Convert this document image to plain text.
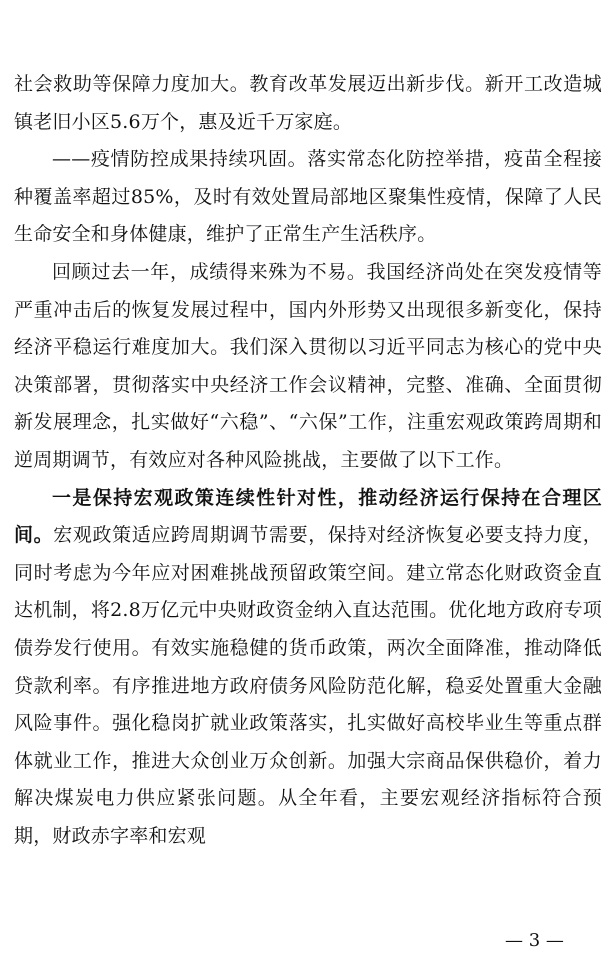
社会救助等保障力度加大。教育改革发展迈出新步伐。新开工改造城镇老旧小区5.6万个，惠及近千万家庭。

——疫情防控成果持续巩固。落实常态化防控举措，疫苗全程接种覆盖率超过85%，及时有效处置局部地区聚集性疫情，保障了人民生命安全和身体健康，维护了正常生产生活秩序。

回顾过去一年，成绩得来殊为不易。我国经济尚处在突发疫情等严重冲击后的恢复发展过程中，国内外形势又出现很多新变化，保持经济平稳运行难度加大。我们深入贯彻以习近平同志为核心的党中央决策部署，贯彻落实中央经济工作会议精神，完整、准确、全面贯彻新发展理念，扎实做好“六稳”、“六保”工作，注重宏观政策跨周期和逆周期调节，有效应对各种风险挑战，主要做了以下工作。

一是保持宏观政策连续性针对性，推动经济运行保持在合理区间。宏观政策适应跨周期调节需要，保持对经济恢复必要支持力度，同时考虑为今年应对困难挑战预留政策空间。建立常态化财政资金直达机制，将2.8万亿元中央财政资金纳入直达范围。优化地方政府专项债券发行使用。有效实施稳健的货币政策，两次全面降准，推动降低贷款利率。有序推进地方政府债务风险防范化解，稳妥处置重大金融风险事件。强化稳岗扩就业政策落实，扎实做好高校毕业生等重点群体就业工作，推进大众创业万众创新。加强大宗商品保供稳价，着力解决煤炭电力供应紧张问题。从全年看，主要宏观经济指标符合预期，财政赤字率和宏观

— 3 —
